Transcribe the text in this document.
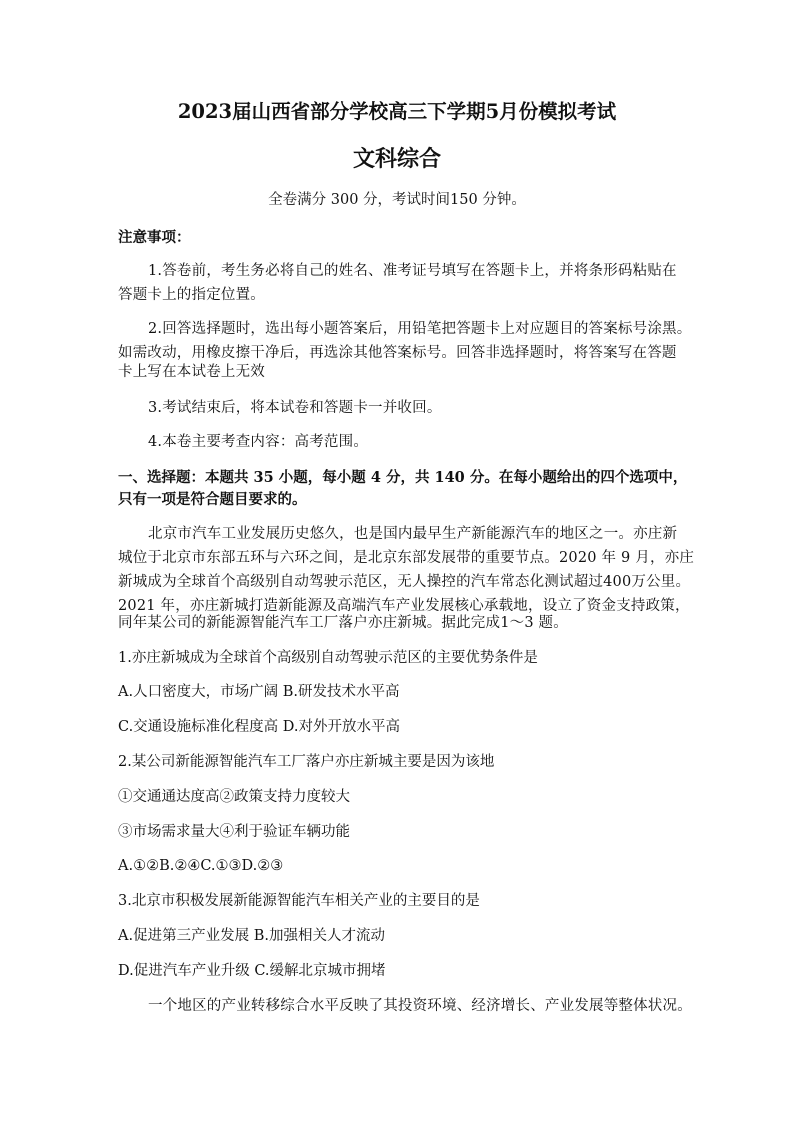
2023届山西省部分学校高三下学期5月份模拟考试
文科综合
全卷满分 300 分，考试时间150 分钟。
注意事项：
1.答卷前，考生务必将自己的姓名、准考证号填写在答题卡上，并将条形码粘贴在
答题卡上的指定位置。
2.回答选择题时，选出每小题答案后，用铅笔把答题卡上对应题目的答案标号涂黑。
如需改动，用橡皮擦干净后，再选涂其他答案标号。回答非选择题时，将答案写在答题
卡上写在本试卷上无效
3.考试结束后，将本试卷和答题卡一并收回。
4.本卷主要考查内容：高考范围。
一、选择题：本题共 35 小题，每小题 4 分，共 140 分。在每小题给出的四个选项中，
只有一项是符合题目要求的。
北京市汽车工业发展历史悠久，也是国内最早生产新能源汽车的地区之一。亦庄新
城位于北京市东部五环与六环之间，是北京东部发展带的重要节点。2020 年 9 月，亦庄
新城成为全球首个高级别自动驾驶示范区，无人操控的汽车常态化测试超过400万公里。
2021 年，亦庄新城打造新能源及高端汽车产业发展核心承载地，设立了资金支持政策，
同年某公司的新能源智能汽车工厂落户亦庄新城。据此完成1～3 题。
1.亦庄新城成为全球首个高级别自动驾驶示范区的主要优势条件是
A.人口密度大，市场广阔 B.研发技术水平高
C.交通设施标准化程度高 D.对外开放水平高
2.某公司新能源智能汽车工厂落户亦庄新城主要是因为该地
①交通通达度高②政策支持力度较大
③市场需求量大④利于验证车辆功能
A.①②B.②④C.①③D.②③
3.北京市积极发展新能源智能汽车相关产业的主要目的是
A.促进第三产业发展 B.加强相关人才流动
D.促进汽车产业升级 C.缓解北京城市拥堵
一个地区的产业转移综合水平反映了其投资环境、经济增长、产业发展等整体状况。
